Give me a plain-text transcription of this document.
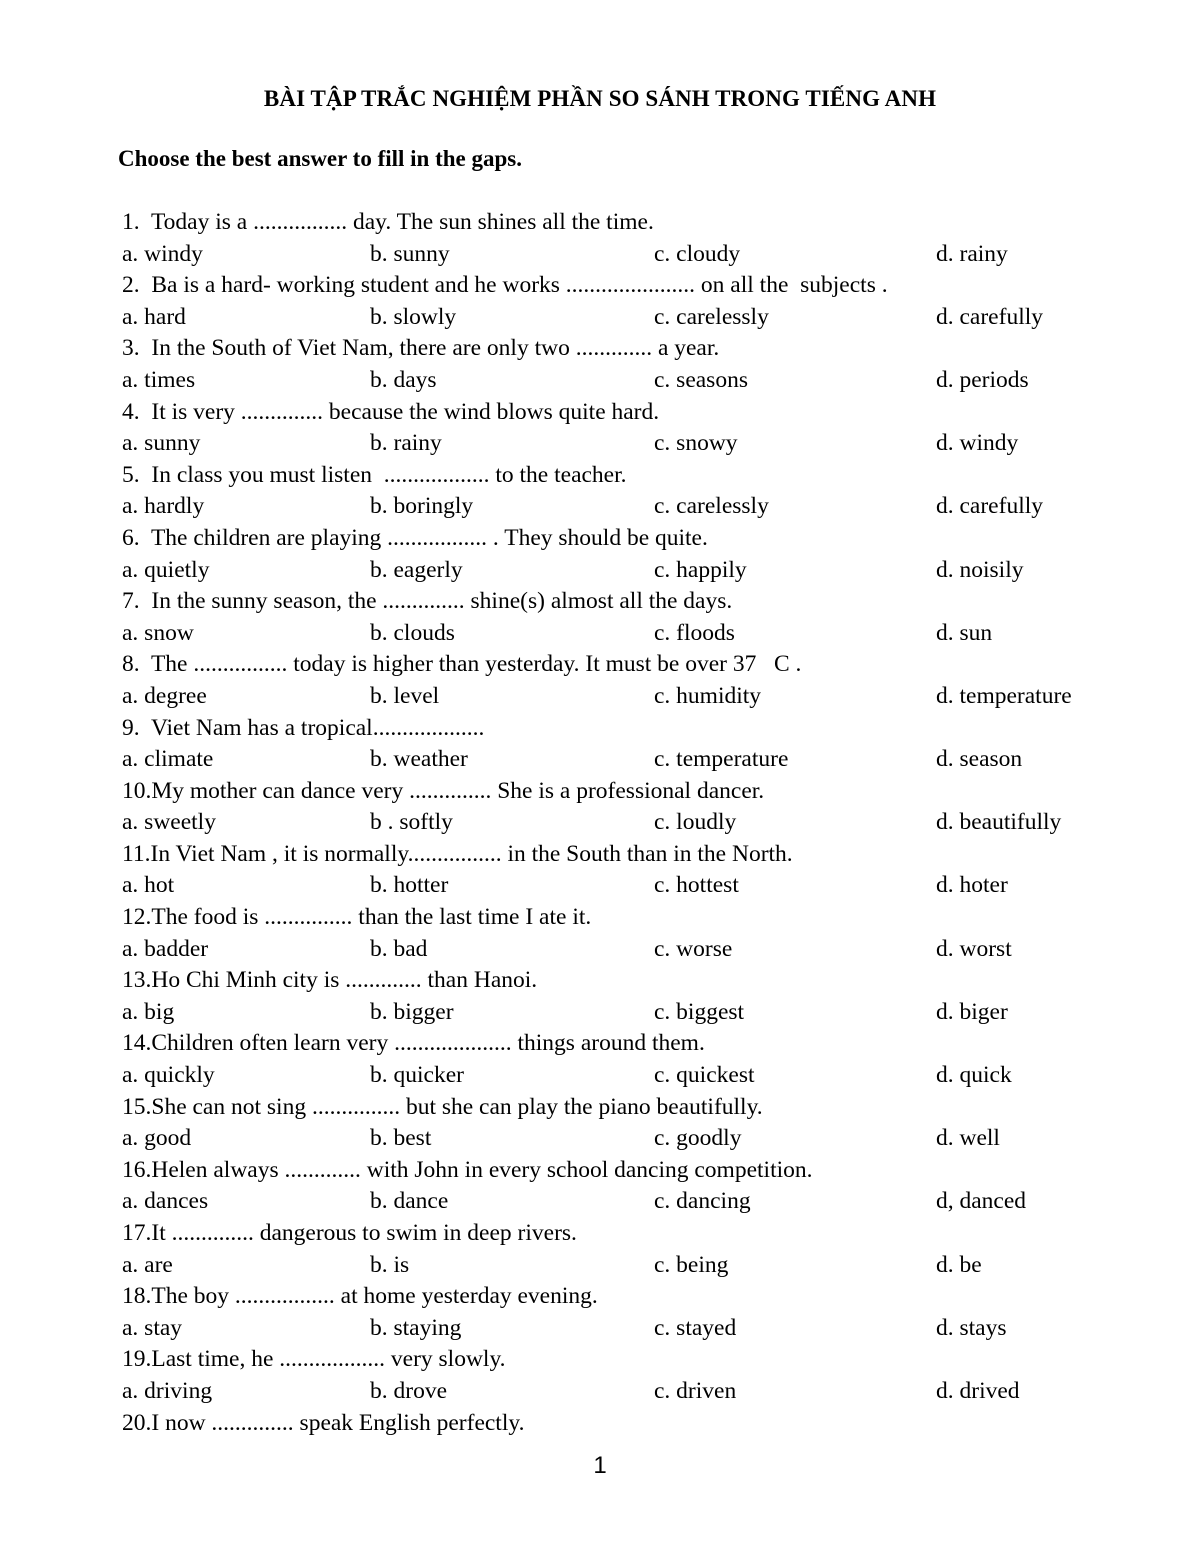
BÀI TẬP TRẮC NGHIỆM PHẦN SO SÁNH TRONG TIẾNG ANH
Choose the best answer to fill in the gaps.
1.  Today is a ................ day. The sun shines all the time.
a. windy	b. sunny	c. cloudy	d. rainy
2.  Ba is a hard- working student and he works ...................... on all the  subjects .
a. hard	b. slowly	c. carelessly	d. carefully
3.  In the South of Viet Nam, there are only two ............. a year.
a. times	b. days	c. seasons	d. periods
4.  It is very .............. because the wind blows quite hard.
a. sunny	b. rainy	c. snowy	d. windy
5.  In class you must listen  .................. to the teacher.
a. hardly	b. boringly	c. carelessly	d. carefully
6.  The children are playing ................. . They should be quite.
a. quietly	b. eagerly	c. happily	d. noisily
7.  In the sunny season, the .............. shine(s) almost all the days.
a. snow	b. clouds	c. floods	d. sun
8.  The ................ today is higher than yesterday. It must be over 37   C .
a. degree	b. level	c. humidity	d. temperature
9.  Viet Nam has a tropical...................
a. climate	b. weather	c. temperature	d. season
10.My mother can dance very .............. She is a professional dancer.
a. sweetly	b . softly	c. loudly	d. beautifully
11.In Viet Nam , it is normally................ in the South than in the North.
a. hot	b. hotter	c. hottest	d. hoter
12.The food is ............... than the last time I ate it.
a. badder	b. bad	c. worse	d. worst
13.Ho Chi Minh city is ............. than Hanoi.
a. big	b. bigger	c. biggest	d. biger
14.Children often learn very .................... things around them.
a. quickly	b. quicker	c. quickest	d. quick
15.She can not sing ............... but she can play the piano beautifully.
a. good	b. best	c. goodly	d. well
16.Helen always ............. with John in every school dancing competition.
a. dances	b. dance	c. dancing	d, danced
17.It .............. dangerous to swim in deep rivers.
a. are	b. is	c. being	d. be
18.The boy ................. at home yesterday evening.
a. stay	b. staying	c. stayed	d. stays
19.Last time, he .................. very slowly.
a. driving	b. drove	c. driven	d. drived
20.I now .............. speak English perfectly.
1
